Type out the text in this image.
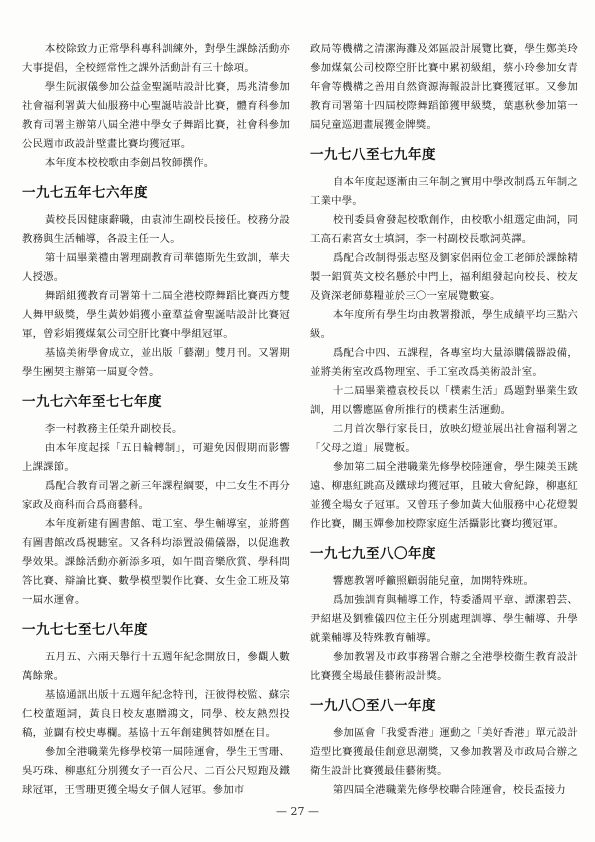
本校除致力正常學科專科訓練外，對學生課餘活動亦大事提倡，全校經常性之課外活動計有三十餘項。

學生阮淑儀參加公益金聖誕咭設計比賽，馬兆清參加社會福利署黃大仙服務中心聖誕咭設計比賽，體育科參加教育司署主辦第八屆全港中學女子舞蹈比賽，社會科參加公民週市政設計壁畫比賽均獲冠軍。

本年度本校校歌由李劍昌牧師撰作。

一九七五年七六年度

黃校長因健康辭職，由袁沛生副校長接任。校務分設教務與生活輔導，各設主任一人。

第十屆畢業禮由署理副教育司華德斯先生致訓，華夫人授憑。

舞蹈組獲教育司署第十二屆全港校際舞蹈比賽西方雙人舞甲級獎，學生黃妙娟獲小童羣益會聖誕咭設計比賽冠軍，曾彩娟獲煤氣公司空肝比賽中學組冠軍。

基協美術學會成立，並出版「藝潮」雙月刊。又署期學生團契主辦第一屆夏令營。

一九七六年至七七年度

李一村教務主任榮升副校長。

由本年度起採「五日輪轉制」，可避免因假期而影響上課課節。

爲配合教育司署之新三年課程綱要，中二女生不再分家政及商科而合爲商藝科。

本年度新建有圖書館、電工室、學生輔導室，並將舊有圖書館改爲視聽室。又各科均添置設備儀器，以促進教學效果。課餘活動亦新添多項，如午間音樂欣賞、學科問答比賽、辯論比賽、數學模型製作比賽、女生金工班及第一屆水運會。

一九七七至七八年度

五月五、六兩天舉行十五週年紀念開放日，參觀人數萬餘衆。

基協通訊出版十五週年紀念特刊，汪彼得校監、蘇宗仁校董題詞，黃良日校友惠贈鴻文，同學、校友熱烈投稿，並闢有校史專欄。基協十五年創建興替如歷在目。

參加全港職業先修學校第一屆陸運會，學生王雪珊、吳巧珠、柳惠紅分別獲女子一百公尺、二百公尺短跑及鐵球冠軍，王雪珊更獲全場女子個人冠軍。參加市

政局等機構之清潔海灘及郊區設計展覽比賽，學生鄭美玲參加煤氣公司校際空肝比賽中累初級組，蔡小玲參加女青年會等機構之善用自然資源海報設計比賽獲冠軍。又參加教育司署第十四屆校際舞蹈節獲甲級獎，葉惠秋參加第一屆兒童巡迴畫展獲金牌獎。

一九七八至七九年度

自本年度起逐漸由三年制之實用中學改制爲五年制之工業中學。

校刊委員會發起校歌創作，由校歌小組選定曲詞，同工高石素宮女士填詞，李一村副校長歌詞英譯。

爲配合改制得張志堅及劉家侶兩位金工老師於課餘精製一鋁質英文校名懸於中門上，福利組發起向校長、校友及資深老師募糧並於三〇一室展覽數宴。

本年度所有學生均由教署撥派，學生成績平均三點六級。

爲配合中四、五課程，各專室均大量添購儀器設備，並將美術室改爲物理室、手工室改爲美術設計室。

十二屆畢業禮袁校長以「樸素生活」爲題對畢業生致訓，用以響應區會所推行的樸素生活運動。

二月首次舉行家長日，放映幻燈並展出社會福利署之「父母之道」展覽板。

參加第二屆全港職業先修學校陸運會，學生陳美玉跳遠、柳惠紅跳高及鐵球均獲冠軍，且破大會紀錄，柳惠紅並獲全場女子冠軍。又曾珏子參加黃大仙服務中心花燈製作比賽，關玉嬋參加校際家庭生活攝影比賽均獲冠軍。

一九七九至八〇年度

響應教署呼籲照顧弱能兒童，加開特殊班。

爲加強訓育與輔導工作，特委潘周平章、譚潔碧芸、尹紹堪及劉雅儀四位主任分別處理訓導、學生輔導、升學就業輔導及特殊教育輔導。

參加教署及市政事務署合辦之全港學校衞生教育設計比賽獲全場最佳藝術設計獎。

一九八〇至八一年度

參加區會「我愛香港」運動之「美好香港」單元設計造型比賽獲最佳創意思潮獎，又參加教署及市政局合辦之衛生設計比賽獲最佳藝術獎。

第四屆全港職業先修學校聯合陸運會，校長盃接力

— 27 —
